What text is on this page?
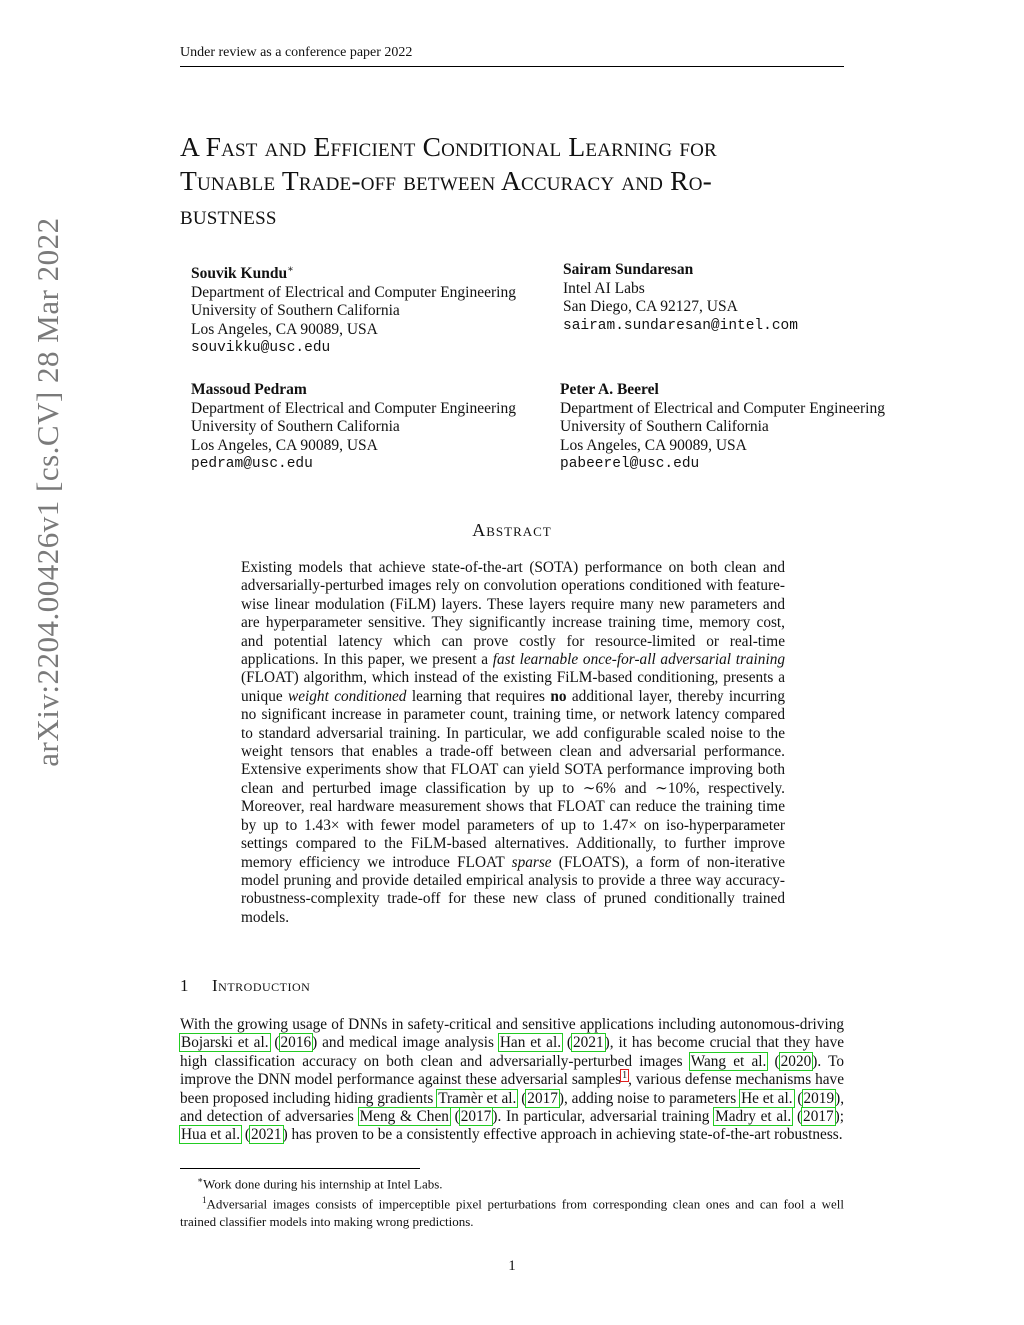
Under review as a conference paper 2022
arXiv:2204.00426v1 [cs.CV] 28 Mar 2022
A Fast and Efficient Conditional Learning for
Tunable Trade-off between Accuracy and Ro-
bustness
Souvik Kundu∗
Department of Electrical and Computer Engineering
University of Southern California
Los Angeles, CA 90089, USA
souvikku@usc.edu
Sairam Sundaresan
Intel AI Labs
San Diego, CA 92127, USA
sairam.sundaresan@intel.com
Massoud Pedram
Department of Electrical and Computer Engineering
University of Southern California
Los Angeles, CA 90089, USA
pedram@usc.edu
Peter A. Beerel
Department of Electrical and Computer Engineering
University of Southern California
Los Angeles, CA 90089, USA
pabeerel@usc.edu
Abstract

Existing models that achieve state-of-the-art (SOTA) performance on both clean and adversarially-perturbed images rely on convolution operations conditioned with feature-wise linear modulation (FiLM) layers. These layers require many new parameters and are hyperparameter sensitive. They significantly increase training time, memory cost, and potential latency which can prove costly for resource-limited or real-time applications. In this paper, we present a fast learnable once-for-all adversarial training (FLOAT) algorithm, which instead of the existing FiLM-based conditioning, presents a unique weight conditioned learning that requires no additional layer, thereby incurring no significant increase in parameter count, training time, or network latency compared to standard adversarial training. In particular, we add configurable scaled noise to the weight tensors that enables a trade-off between clean and adversarial performance. Extensive experiments show that FLOAT can yield SOTA performance improving both clean and perturbed image classification by up to ∼6% and ∼10%, respectively. Moreover, real hardware measurement shows that FLOAT can reduce the training time by up to 1.43× with fewer model parameters of up to 1.47× on iso-hyperparameter settings compared to the FiLM-based alternatives. Additionally, to further improve memory efficiency we introduce FLOAT sparse (FLOATS), a form of non-iterative model pruning and provide detailed empirical analysis to provide a three way accuracy-robustness-complexity trade-off for these new class of pruned conditionally trained models.

1 Introduction

With the growing usage of DNNs in safety-critical and sensitive applications including autonomous-driving Bojarski et al. (2016) and medical image analysis Han et al. (2021), it has become crucial that they have high classification accuracy on both clean and adversarially-perturbed images Wang et al. (2020). To improve the DNN model performance against these adversarial samples$^1$, various defense mechanisms have been proposed including hiding gradients Tramèr et al. (2017), adding noise to parameters He et al. (2019), and detection of adversaries Meng & Chen (2017). In particular, adversarial training Madry et al. (2017); Hua et al. (2021) has proven to be a consistently effective approach in achieving state-of-the-art robustness.

∗Work done during his internship at Intel Labs.

$^1$Adversarial images consists of imperceptible pixel perturbations from corresponding clean ones and can fool a well trained classifier models into making wrong predictions.

1
